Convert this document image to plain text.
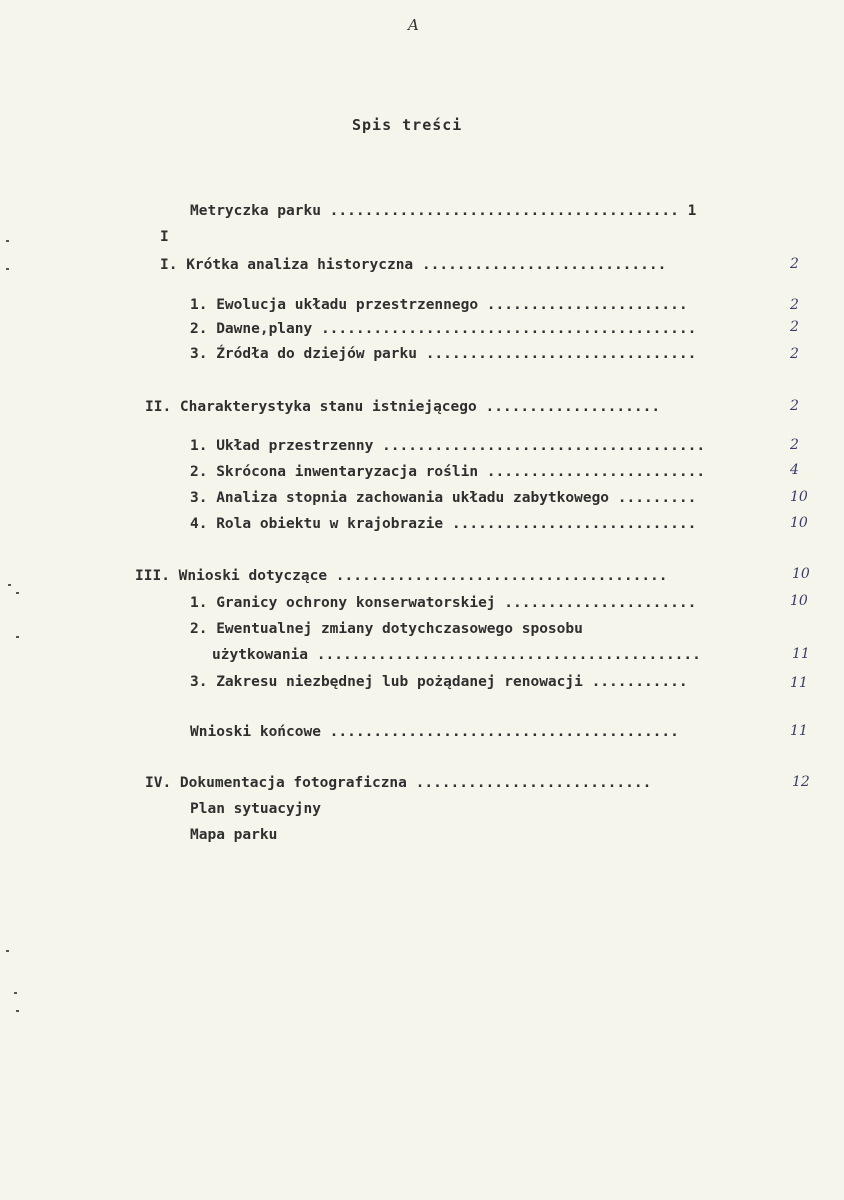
A
Spis treści
Metryczka parku ........................................ 1
I
I. Krótka analiza historyczna ............................	2
1. Ewolucja układu przestrzennego .......................	2
2. Dawne,plany ...........................................	2
3. Źródła do dziejów parku ...............................	2
II. Charakterystyka stanu istniejącego ....................	2
1. Układ przestrzenny .....................................	2
2. Skrócona inwentaryzacja roślin .........................	4
3. Analiza stopnia zachowania układu zabytkowego .........	10
4. Rola obiektu w krajobrazie ............................	10
III. Wnioski dotyczące ......................................	10
1. Granicy ochrony konserwatorskiej ......................	10
2. Ewentualnej zmiany dotychczasowego sposobu
użytkowania ............................................	11
3. Zakresu niezbędnej lub pożądanej renowacji ...........	11
Wnioski końcowe ........................................	11
IV. Dokumentacja fotograficzna ...........................	12
Plan sytuacyjny
Mapa parku
